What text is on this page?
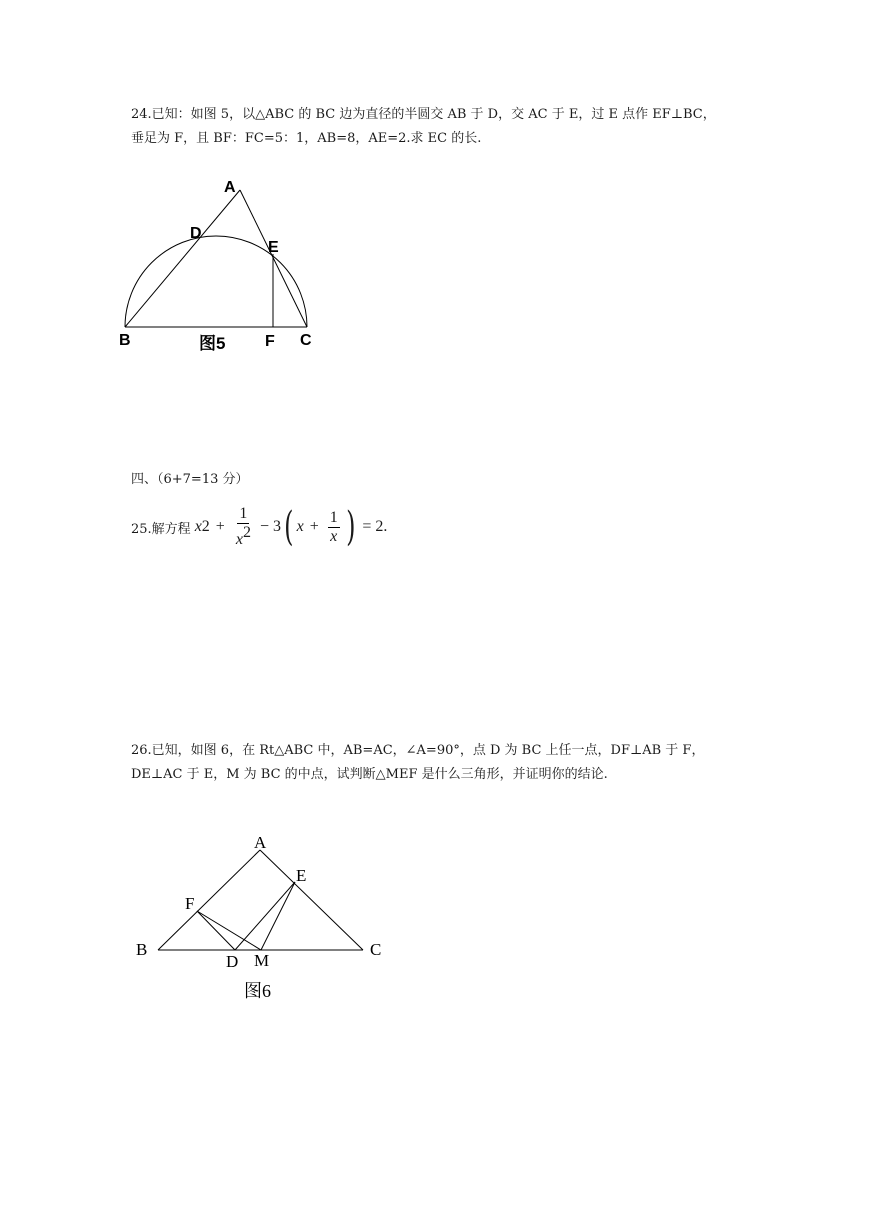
24.已知：如图 5，以△ABC 的 BC 边为直径的半圆交 AB 于 D，交 AC 于 E，过 E 点作 EF⊥BC，
垂足为 F，且 BF：FC=5：1，AB=8，AE=2.求 EC 的长.
A
D
E
B	F C
图5
四、（6+7=13 分）
25.解方程 x $2 + \frac{1}{x^2} - 3$ ( $x + \frac{1}{x}$ ) = 2.
26.已知，如图 6，在 Rt△ABC 中，AB=AC，∠A=90°，点 D 为 BC 上任一点，DF⊥AB 于 F，
DE⊥AC 于 E，M 为 BC 的中点，试判断△MEF 是什么三角形，并证明你的结论.
A
E
F
B	C
D M
图6
